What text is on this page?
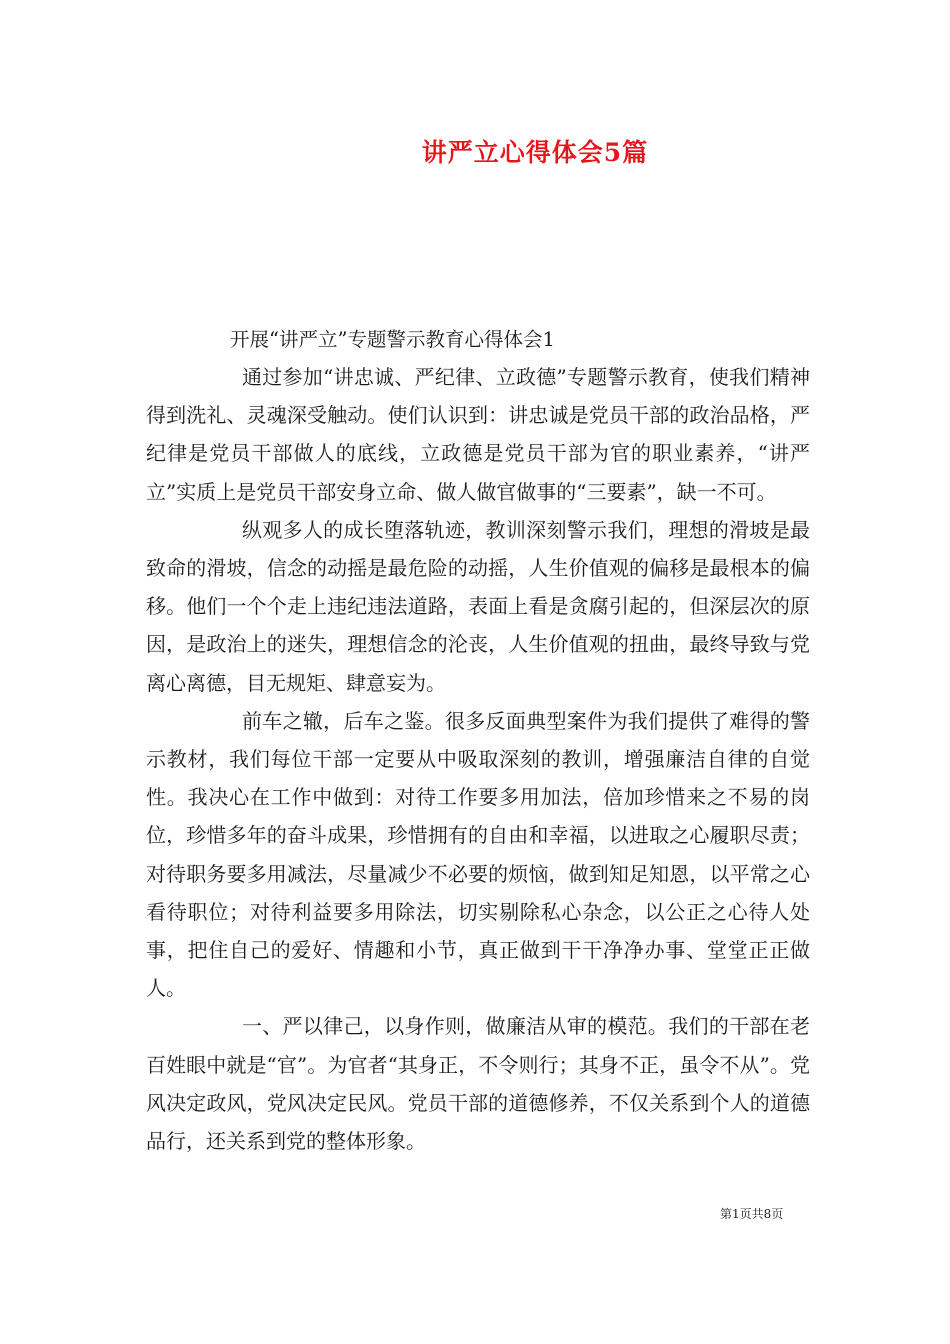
讲严立心得体会5篇
开展“讲严立”专题警示教育心得体会1

通过参加“讲忠诚、严纪律、立政德”专题警示教育，使我们精神得到洗礼、灵魂深受触动。使们认识到：讲忠诚是党员干部的政治品格，严纪律是党员干部做人的底线，立政德是党员干部为官的职业素养，“讲严立”实质上是党员干部安身立命、做人做官做事的“三要素”，缺一不可。

纵观多人的成长堕落轨迹，教训深刻警示我们，理想的滑坡是最致命的滑坡，信念的动摇是最危险的动摇，人生价值观的偏移是最根本的偏移。他们一个个走上违纪违法道路，表面上看是贪腐引起的，但深层次的原因，是政治上的迷失，理想信念的沦丧，人生价值观的扭曲，最终导致与党离心离德，目无规矩、肆意妄为。

前车之辙，后车之鉴。很多反面典型案件为我们提供了难得的警示教材，我们每位干部一定要从中吸取深刻的教训，增强廉洁自律的自觉性。我决心在工作中做到：对待工作要多用加法，倍加珍惜来之不易的岗位，珍惜多年的奋斗成果，珍惜拥有的自由和幸福，以进取之心履职尽责；对待职务要多用减法，尽量减少不必要的烦恼，做到知足知恩，以平常之心看待职位；对待利益要多用除法，切实剔除私心杂念，以公正之心待人处事，把住自己的爱好、情趣和小节，真正做到干干净净办事、堂堂正正做人。

一、严以律己，以身作则，做廉洁从审的模范。我们的干部在老百姓眼中就是“官”。为官者“其身正，不令则行；其身不正，虽令不从”。党风决定政风，党风决定民风。党员干部的道德修养，不仅关系到个人的道德品行，还关系到党的整体形象。

第1页共8页
